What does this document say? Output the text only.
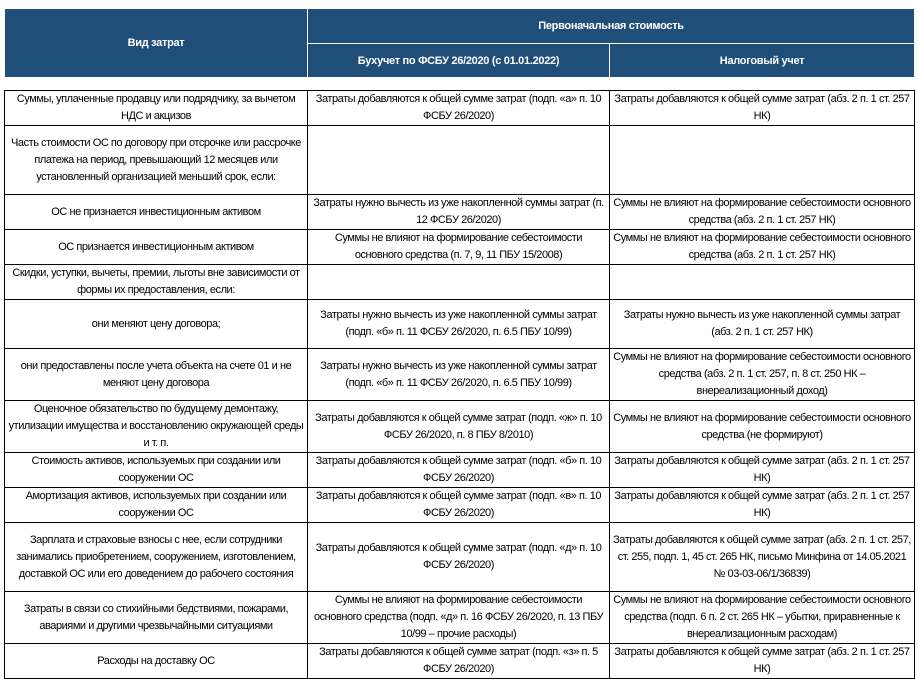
Вид затрат	Первоначальная стоимость	
	Бухучет по ФСБУ 26/2020 (с 01.01.2022)	Налоговый учет
Суммы, уплаченные продавцу или подрядчику, за вычетом НДС и акцизов	Затраты добавляются к общей сумме затрат (подп. «а» п. 10 ФСБУ 26/2020)	Затраты добавляются к общей сумме затрат (абз. 2 п. 1 ст. 257 НК)
Часть стоимости ОС по договору при отсрочке или рассрочке платежа на период, превышающий 12 месяцев или установленный организацией меньший срок, если:		
ОС не признается инвестиционным активом	Затраты нужно вычесть из уже накопленной суммы затрат (п. 12 ФСБУ 26/2020)	Суммы не влияют на формирование себестоимости основного средства (абз. 2 п. 1 ст. 257 НК)
ОС признается инвестиционным активом	Суммы не влияют на формирование себестоимости основного средства (п. 7, 9, 11 ПБУ 15/2008)	Суммы не влияют на формирование себестоимости основного средства (абз. 2 п. 1 ст. 257 НК)
Скидки, уступки, вычеты, премии, льготы вне зависимости от формы их предоставления, если:		
они меняют цену договора;	Затраты нужно вычесть из уже накопленной суммы затрат (подп. «б» п. 11 ФСБУ 26/2020, п. 6.5 ПБУ 10/99)	Затраты нужно вычесть из уже накопленной суммы затрат (абз. 2 п. 1 ст. 257 НК)
они предоставлены после учета объекта на счете 01 и не меняют цену договора	Затраты нужно вычесть из уже накопленной суммы затрат (подп. «б» п. 11 ФСБУ 26/2020, п. 6.5 ПБУ 10/99)	Суммы не влияют на формирование себестоимости основного средства (абз. 2 п. 1 ст. 257, п. 8 ст. 250 НК – внереализационный доход)
Оценочное обязательство по будущему демонтажу, утилизации имущества и восстановлению окружающей среды и т. п.	Затраты добавляются к общей сумме затрат (подп. «ж» п. 10 ФСБУ 26/2020, п. 8 ПБУ 8/2010)	Суммы не влияют на формирование себестоимости основного средства (не формируют)
Стоимость активов, используемых при создании или сооружении ОС	Затраты добавляются к общей сумме затрат (подп. «б» п. 10 ФСБУ 26/2020)	Затраты добавляются к общей сумме затрат (абз. 2 п. 1 ст. 257 НК)
Амортизация активов, используемых при создании или сооружении ОС	Затраты добавляются к общей сумме затрат (подп. «в» п. 10 ФСБУ 26/2020)	Затраты добавляются к общей сумме затрат (абз. 2 п. 1 ст. 257 НК)
Зарплата и страховые взносы с нее, если сотрудники занимались приобретением, сооружением, изготовлением, доставкой ОС или его доведением до рабочего состояния	Затраты добавляются к общей сумме затрат (подп. «д» п. 10 ФСБУ 26/2020)	Затраты добавляются к общей сумме затрат (абз. 2 п. 1 ст. 257, ст. 255, подп. 1, 45 ст. 265 НК, письмо Минфина от 14.05.2021 № 03-03-06/1/36839)
Затраты в связи со стихийными бедствиями, пожарами, авариями и другими чрезвычайными ситуациями	Суммы не влияют на формирование себестоимости основного средства (подп. «д» п. 16 ФСБУ 26/2020, п. 13 ПБУ 10/99 – прочие расходы)	Суммы не влияют на формирование себестоимости основного средства (подп. 6 п. 2 ст. 265 НК – убытки, приравненные к внереализационным расходам)
Расходы на доставку ОС	Затраты добавляются к общей сумме затрат (подп. «з» п. 5 ФСБУ 26/2020)	Затраты добавляются к общей сумме затрат (абз. 2 п. 1 ст. 257 НК)
